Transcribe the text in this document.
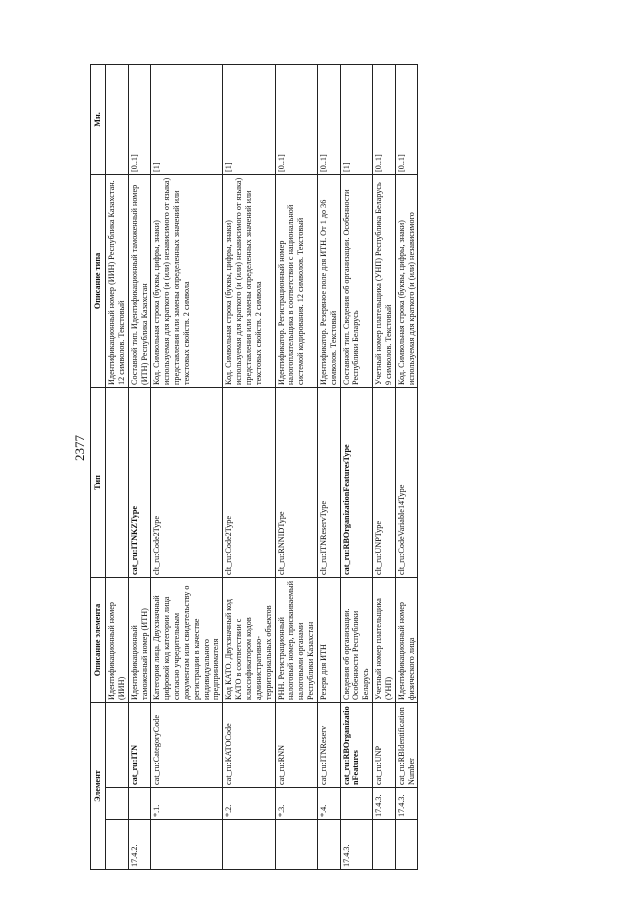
2377
Элемент			Описание элемента	Тип	Описание типа	Мн.
			Идентификационный номер (ИИН)		Идентификационный номер (ИИН) Республика Казахстан. 12 символов. Текстовый	
17.4.2.		cat_ru:ITN	Идентификационный таможенный номер (ИТН)	cat_ru:ITNKZType	Составной тип. Идентификационный таможенный номер (ИТН) Республика Казахстан	[0..1]
	*.1.	cat_ru:CategoryCode	Категория лица. Двухзначный цифровой код категории лица согласно учредительным документам или свидетельству о регистрации в качестве индивидуального предпринимателя	clt_ru:Code2Type	Код. Символьная строка (буквы, цифры, знаки) используемая для краткого (и (или) независимого от языка) представления или замены определенных значений или текстовых свойств. 2 символа	[1]
	*.2.	cat_ru:KATOCode	Код КАТО. Двухзначный код КАТО в соответствии с классификатором кодов административно-территориальных объектов	clt_ru:Code2Type	Код. Символьная строка (буквы, цифры, знаки) используемая для краткого (и (или) независимого от языка) представления или замены определенных значений или текстовых свойств. 2 символа	[1]
	*.3.	cat_ru:RNN	РНН. Регистрационный налоговый номер, присваиваемый налоговыми органами Республики Казахстан	clt_ru:RNNIDType	Идентификатор. Регистрационный номер налогоплательщика в соответствии с национальной системой кодирования. 12 символов. Текстовый	[0..1]
	*.4.	cat_ru:ITNReserv	Резерв для ИТН	clt_ru:ITNReservType	Идентификатор. Резервное поле для ИТН. От 1 до 36 символов. Текстовый	[0..1]
17.4.3.		cat_ru:RBOrganizationFeatures	Сведения об организации. Особенности Республики Беларусь	cat_ru:RBOrganizationFeaturesType	Составной тип. Сведения об организации. Особенности Республики Беларусь	[1]
	17.4.3.	cat_ru:UNP	Учетный номер плательщика (УНП)	clt_ru:UNPType	Учетный номер плательщика (УНП) Республика Беларусь 9 символов. Текстовый	[0..1]
	17.4.3.	cat_ru:RBIdentificationNumber	Идентификационный номер физического лица	clt_ru:CodeVariable14Type	Код. Символьная строка (буквы, цифры, знаки) используемая для краткого (и (или) независимого	[0..1]
